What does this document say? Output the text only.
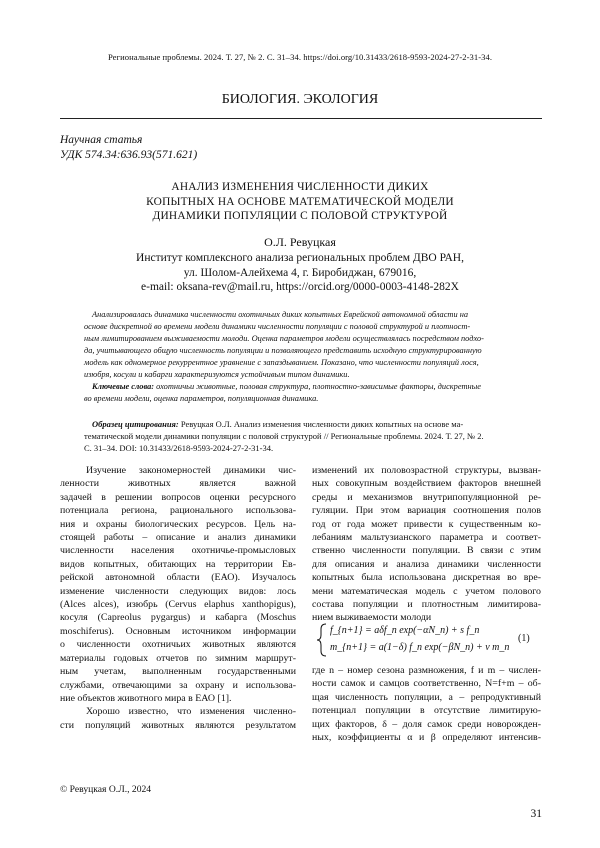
Региональные проблемы. 2024. Т. 27, № 2. С. 31–34. https://doi.org/10.31433/2618-9593-2024-27-2-31-34.
БИОЛОГИЯ. ЭКОЛОГИЯ
Научная статья
УДК 574.34:636.93(571.621)
АНАЛИЗ ИЗМЕНЕНИЯ ЧИСЛЕННОСТИ ДИКИХ
КОПЫТНЫХ НА ОСНОВЕ МАТЕМАТИЧЕСКОЙ МОДЕЛИ
ДИНАМИКИ ПОПУЛЯЦИИ С ПОЛОВОЙ СТРУКТУРОЙ
О.Л. Ревуцкая
Институт комплексного анализа региональных проблем ДВО РАН,
ул. Шолом-Алейхема 4, г. Биробиджан, 679016,
e-mail: oksana-rev@mail.ru, https://orcid.org/0000-0003-4148-282X
Анализировалась динамика численности охотничьих диких копытных Еврейской автономной области на
основе дискретной во времени модели динамики численности популяции с половой структурой и плотност-
ным лимитированием выживаемости молоди. Оценка параметров модели осуществлялась посредством подхо-
да, учитывающего общую численность популяции и позволяющего представить исходную структурированную
модель как одномерное рекуррентное уравнение с запаздыванием. Показано, что численности популяций лося,
изюбря, косули и кабарги характеризуются устойчивым типом динамики.
Ключевые слова: охотничьи животные, половая структура, плотностно-зависимые факторы, дискретные
во времени модели, оценка параметров, популяционная динамика.
Образец цитирования: Ревуцкая О.Л. Анализ изменения численности диких копытных на основе ма-
тематической модели динамики популяции с половой структурой // Региональные проблемы. 2024. Т. 27, № 2.
С. 31–34. DOI: 10.31433/2618-9593-2024-27-2-31-34.
Изучение закономерностей динамики чис-
ленности животных является важной
задачей в решении вопросов оценки ресурсного
потенциала региона, рационального использова-
ния и охраны биологических ресурсов. Цель на-
стоящей работы – описание и анализ динамики
численности населения охотничье-промысловых
видов копытных, обитающих на территории Ев-
рейской автономной области (ЕАО). Изучалось
изменение численности следующих видов: лось
(Alces alces), изюбрь (Cervus elaphus xanthopigus),
косуля (Capreolus pygargus) и кабарга (Moschus
moschiferus). Основным источником информации
о численности охотничьих животных являются
материалы годовых отчетов по зимним маршрут-
ным учетам, выполненным государственными
службами, отвечающими за охрану и использова-
ние объектов животного мира в ЕАО [1].
Хорошо известно, что изменения численно-
сти популяций животных являются результатом
изменений их половозрастной структуры, вызван-
ных совокупным воздействием факторов внешней
среды и механизмов внутрипопуляционной ре-
гуляции. При этом вариация соотношения полов
год от года может привести к существенным ко-
лебаниям мальтузианского параметра и соответ-
ственно численности популяции. В связи с этим
для описания и анализа динамики численности
копытных была использована дискретная во вре-
мени математическая модель с учетом полового
состава популяции и плотностным лимитирова-
нием выживаемости молоди
f_{n+1} = aδf_n exp(−αN_n) + s f_n
m_{n+1} = a(1−δ) f_n exp(−βN_n) + ν m_n
(1)
где n – номер сезона размножения, f и m – числен-
ности самок и самцов соответственно, N=f+m – об-
щая численность популяции, a – репродуктивный
потенциал популяции в отсутствие лимитирую-
щих факторов, δ – доля самок среди новорожден-
ных, коэффициенты α и β определяют интенсив-
© Ревуцкая О.Л., 2024
31
